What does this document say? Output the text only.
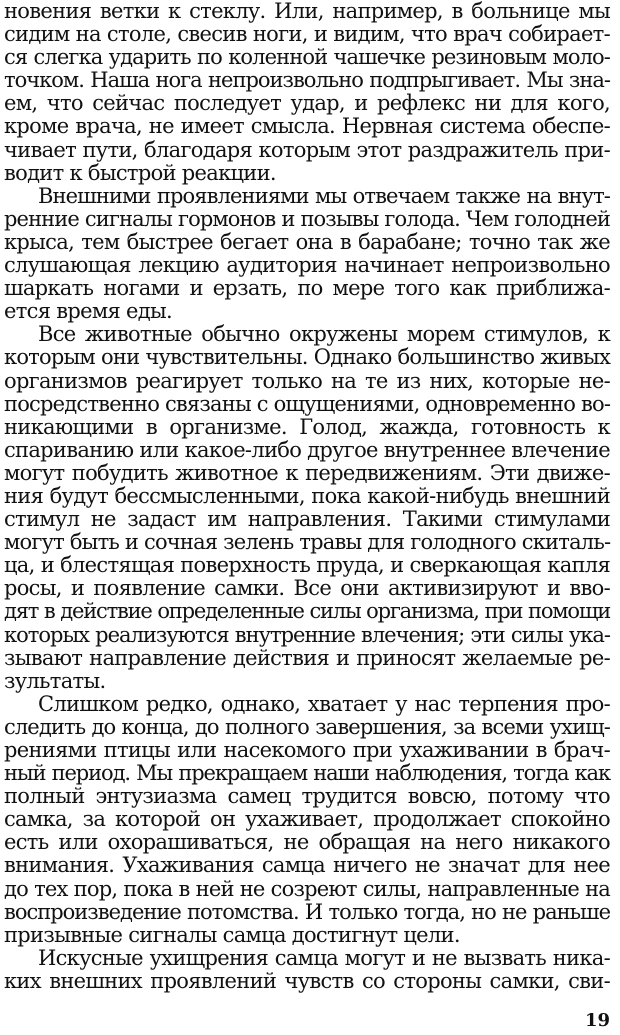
новения ветки к стеклу. Или, например, в больнице мы
сидим на столе, свесив ноги, и видим, что врач собирает-
ся слегка ударить по коленной чашечке резиновым моло-
точком. Наша нога непроизвольно подпрыгивает. Мы зна-
ем, что сейчас последует удар, и рефлекс ни для кого,
кроме врача, не имеет смысла. Нервная система обеспе-
чивает пути, благодаря которым этот раздражитель при-
водит к быстрой реакции.
Внешними проявлениями мы отвечаем также на внут-
ренние сигналы гормонов и позывы голода. Чем голодней
крыса, тем быстрее бегает она в барабане; точно так же
слушающая лекцию аудитория начинает непроизвольно
шаркать ногами и ерзать, по мере того как приближа-
ется время еды.
Все животные обычно окружены морем стимулов, к
которым они чувствительны. Однако большинство живых
организмов реагирует только на те из них, которые не-
посредственно связаны с ощущениями, одновременно во-
никающими в организме. Голод, жажда, готовность к
спариванию или какое-либо другое внутреннее влечение
могут побудить животное к передвижениям. Эти движе-
ния будут бессмысленными, пока какой-нибудь внешний
стимул не задаст им направления. Такими стимулами
могут быть и сочная зелень травы для голодного скиталь-
ца, и блестящая поверхность пруда, и сверкающая капля
росы, и появление самки. Все они активизируют и вво-
дят в действие определенные силы организма, при помощи
которых реализуются внутренние влечения; эти силы ука-
зывают направление действия и приносят желаемые ре-
зультаты.
Слишком редко, однако, хватает у нас терпения про-
следить до конца, до полного завершения, за всеми ухищ-
рениями птицы или насекомого при ухаживании в брач-
ный период. Мы прекращаем наши наблюдения, тогда как
полный энтузиазма самец трудится вовсю, потому что
самка, за которой он ухаживает, продолжает спокойно
есть или охорашиваться, не обращая на него никакого
внимания. Ухаживания самца ничего не значат для нее
до тех пор, пока в ней не созреют силы, направленные на
воспроизведение потомства. И только тогда, но не раньше
призывные сигналы самца достигнут цели.
Искусные ухищрения самца могут и не вызвать ника-
ких внешних проявлений чувств со стороны самки, сви-
19
